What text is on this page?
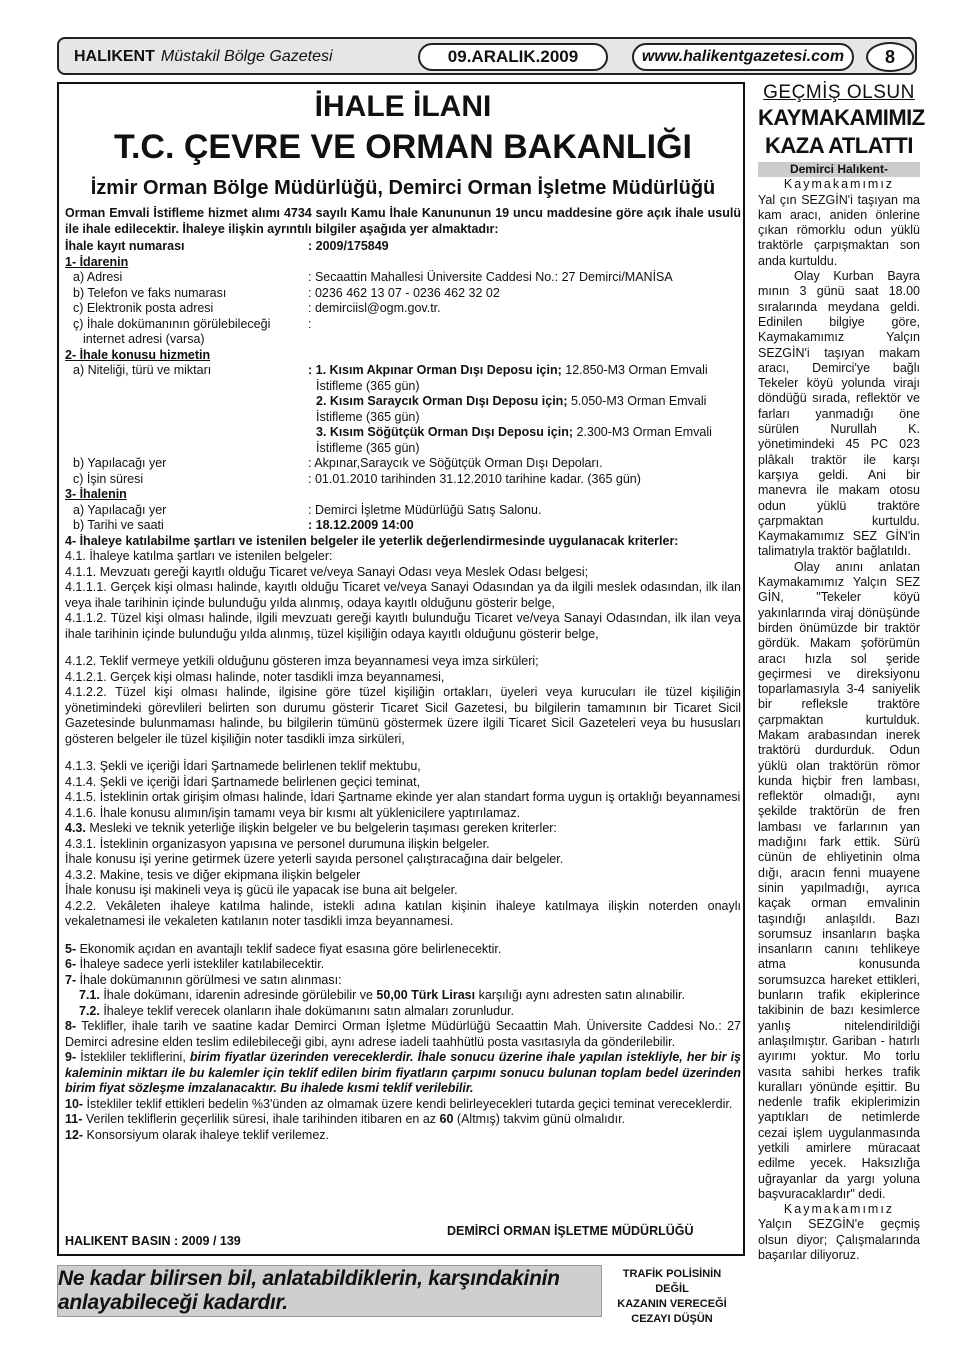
HALIKENT Müstakil Bölge Gazetesi	09.ARALIK.2009	www.halikentgazetesi.com	8
İHALE İLANI
T.C. ÇEVRE VE ORMAN BAKANLIĞI
İzmir Orman Bölge Müdürlüğü, Demirci Orman İşletme Müdürlüğü
Orman Emvali İstifleme hizmet alımı 4734 sayılı Kamu İhale Kanununun 19 uncu maddesine göre açık ihale usulü ile ihale edilecektir. İhaleye ilişkin ayrıntılı bilgiler aşağıda yer almaktadır:
İhale kayıt numarası	: 2009/175849
1- İdarenin
a) Adresi	: Secaattin Mahallesi Üniversite Caddesi No.: 27 Demirci/MANİSA
b) Telefon ve faks numarası	: 0236 462 13 07 - 0236 462 32 02
c) Elektronik posta adresi	: demirciisl@ogm.gov.tr.
ç) İhale dokümanının görülebileceği	:
internet adresi (varsa)
2- İhale konusu hizmetin
a) Niteliği, türü ve miktarı	: 1. Kısım Akpınar Orman Dışı Deposu için; 12.850-M3 Orman Emvali
İstifleme (365 gün)
2. Kısım Saraycık Orman Dışı Deposu için; 5.050-M3 Orman Emvali
İstifleme (365 gün)
3. Kısım Söğütçük Orman Dışı Deposu için; 2.300-M3 Orman Emvali
İstifleme (365 gün)
b) Yapılacağı yer	: Akpınar,Saraycık ve Söğütçük Orman Dışı Depoları.
c) İşin süresi	: 01.01.2010 tarihinden 31.12.2010 tarihine kadar. (365 gün)
3- İhalenin
a) Yapılacağı yer	: Demirci İşletme Müdürlüğü Satış Salonu.
b) Tarihi ve saati	: 18.12.2009 14:00
4- İhaleye katılabilme şartları ve istenilen belgeler ile yeterlik değerlendirmesinde uygulanacak kriterler:
4.1. İhaleye katılma şartları ve istenilen belgeler:
4.1.1. Mevzuatı gereği kayıtlı olduğu Ticaret ve/veya Sanayi Odası veya Meslek Odası belgesi;
4.1.1.1. Gerçek kişi olması halinde, kayıtlı olduğu Ticaret ve/veya Sanayi Odasından ya da ilgili meslek odasından, ilk ilan veya ihale tarihinin içinde bulunduğu yılda alınmış, odaya kayıtlı olduğunu gösterir belge,
4.1.1.2. Tüzel kişi olması halinde, ilgili mevzuatı gereği kayıtlı bulunduğu Ticaret ve/veya Sanayi Odasından, ilk ilan veya ihale tarihinin içinde bulunduğu yılda alınmış, tüzel kişiliğin odaya kayıtlı olduğunu gösterir belge,
4.1.2. Teklif vermeye yetkili olduğunu gösteren imza beyannamesi veya imza sirküleri;
4.1.2.1. Gerçek kişi olması halinde, noter tasdikli imza beyannamesi,
4.1.2.2. Tüzel kişi olması halinde, ilgisine göre tüzel kişiliğin ortakları, üyeleri veya kurucuları ile tüzel kişiliğin yönetimindeki görevlileri belirten son durumu gösterir Ticaret Sicil Gazetesi, bu bilgilerin tamamının bir Ticaret Sicil Gazetesinde bulunmaması halinde, bu bilgilerin tümünü göstermek üzere ilgili Ticaret Sicil Gazeteleri veya bu hususları gösteren belgeler ile tüzel kişiliğin noter tasdikli imza sirküleri,
4.1.3. Şekli ve içeriği İdari Şartnamede belirlenen teklif mektubu,
4.1.4. Şekli ve içeriği İdari Şartnamede belirlenen geçici teminat,
4.1.5. İsteklinin ortak girişim olması halinde, İdari Şartname ekinde yer alan standart forma uygun iş ortaklığı beyannamesi
4.1.6. İhale konusu alımın/işin tamamı veya bir kısmı alt yüklenicilere yaptırılamaz.
4.3. Mesleki ve teknik yeterliğe ilişkin belgeler ve bu belgelerin taşıması gereken kriterler:
4.3.1. İsteklinin organizasyon yapısına ve personel durumuna ilişkin belgeler.
İhale konusu işi yerine getirmek üzere yeterli sayıda personel çalıştıracağına dair belgeler.
4.3.2. Makine, tesis ve diğer ekipmana ilişkin belgeler
İhale konusu işi makineli veya iş gücü ile yapacak ise buna ait belgeler.
4.2.2. Vekâleten ihaleye katılma halinde, istekli adına katılan kişinin ihaleye katılmaya ilişkin noterden onaylı vekaletnamesi ile vekaleten katılanın noter tasdikli imza beyannamesi.
5- Ekonomik açıdan en avantajlı teklif sadece fiyat esasına göre belirlenecektir.
6- İhaleye sadece yerli istekliler katılabilecektir.
7- İhale dokümanının görülmesi ve satın alınması:
7.1. İhale dokümanı, idarenin adresinde görülebilir ve 50,00 Türk Lirası karşılığı aynı adresten satın alınabilir.
7.2. İhaleye teklif verecek olanların ihale dokümanını satın almaları zorunludur.
8- Teklifler, ihale tarih ve saatine kadar Demirci Orman İşletme Müdürlüğü Secaattin Mah. Üniversite Caddesi No.: 27 Demirci adresine elden teslim edilebileceği gibi, aynı adrese iadeli taahhütlü posta vasıtasıyla da gönderilebilir.
9- İstekliler tekliflerini, birim fiyatlar üzerinden vereceklerdir. İhale sonucu üzerine ihale yapılan istekliyle, her bir iş kaleminin miktarı ile bu kalemler için teklif edilen birim fiyatların çarpımı sonucu bulunan toplam bedel üzerinden birim fiyat sözleşme imzalanacaktır. Bu ihalede kısmi teklif verilebilir.
10- İstekliler teklif ettikleri bedelin %3'ünden az olmamak üzere kendi belirleyecekleri tutarda geçici teminat vereceklerdir.
11- Verilen tekliflerin geçerlilik süresi, ihale tarihinden itibaren en az 60 (Altmış) takvim günü olmalıdır.
12- Konsorsiyum olarak ihaleye teklif verilemez.
HALIKENT BASIN : 2009 / 139
DEMİRCİ ORMAN İŞLETME MÜDÜRLÜĞÜ
GEÇMİŞ OLSUN
KAYMAKAMIMIZ
KAZA ATLATTI
Demirci Halıkent-
Kaymakamımız
Yal çın SEZGİN'i taşıyan ma kam aracı, aniden önlerine çıkan römorklu odun yüklü traktörle çarpışmaktan son anda kurtuldu.
Olay Kurban Bayra mının 3 günü saat 18.00 sıralarında meydana geldi. Edinilen bilgiye göre, Kaymakamımız Yalçın SEZGİN'i taşıyan makam aracı, Demirci'ye bağlı Tekeler köyü yolunda virajı döndüğü sırada, reflektör ve farları yanmadığı öne sürülen Nurullah K. yönetimindeki 45 PC 023 plâkalı traktör ile karşı karşıya geldi. Ani bir manevra ile makam otosu odun yüklü traktöre çarpmaktan kurtuldu. Kaymakamımız SEZ GİN'in talimatıyla traktör bağlatıldı.
Olay anını anlatan Kaymakamımız Yalçın SEZ GİN, "Tekeler köyü yakınlarında viraj dönüşünde birden önümüzde bir traktör gördük. Makam şoförümün aracı hızla sol şeride geçirmesi ve direksiyonu toparlamasıyla 3-4 saniyelik bir refleksle traktöre çarpmaktan kurtulduk. Makam arabasından inerek traktörü durdurduk. Odun yüklü olan traktörün römor kunda hiçbir fren lambası, reflektör olmadığı, aynı şekilde traktörün de fren lambası ve farlarının yan madığını fark ettik. Sürü cünün de ehliyetinin olma dığı, aracın fenni muayene sinin yapılmadığı, ayrıca kaçak orman emvalinin taşındığı anlaşıldı. Bazı sorumsuz insanların başka insanların canını tehlikeye atma konusunda sorumsuzca hareket ettikleri, bunların trafik ekiplerince takibinin de bazı kesimlerce yanlış nitelendirildiği anlaşılmıştır. Gariban - hatırlı ayırımı yoktur. Mo torlu vasıta sahibi herkes trafik kuralları yönünde eşittir. Bu nedenle trafik ekiplerimizin yaptıkları de netimlerde cezai işlem uygulanmasında yetkili amirlere müracaat edilme yecek. Haksızlığa uğrayanlar da yargı yoluna başvuracaklardır" dedi.
Kaymakamımız
Yalçın SEZGİN'e geçmiş olsun diyor; Çalışmalarında başarılar diliyoruz.
Ne kadar bilirsen bil, anlatabildiklerin, karşındakinin anlayabileceği kadardır.
TRAFİK POLİSİNİN DEĞİL
KAZANIN VERECEĞİ
CEZAYI DÜŞÜN
